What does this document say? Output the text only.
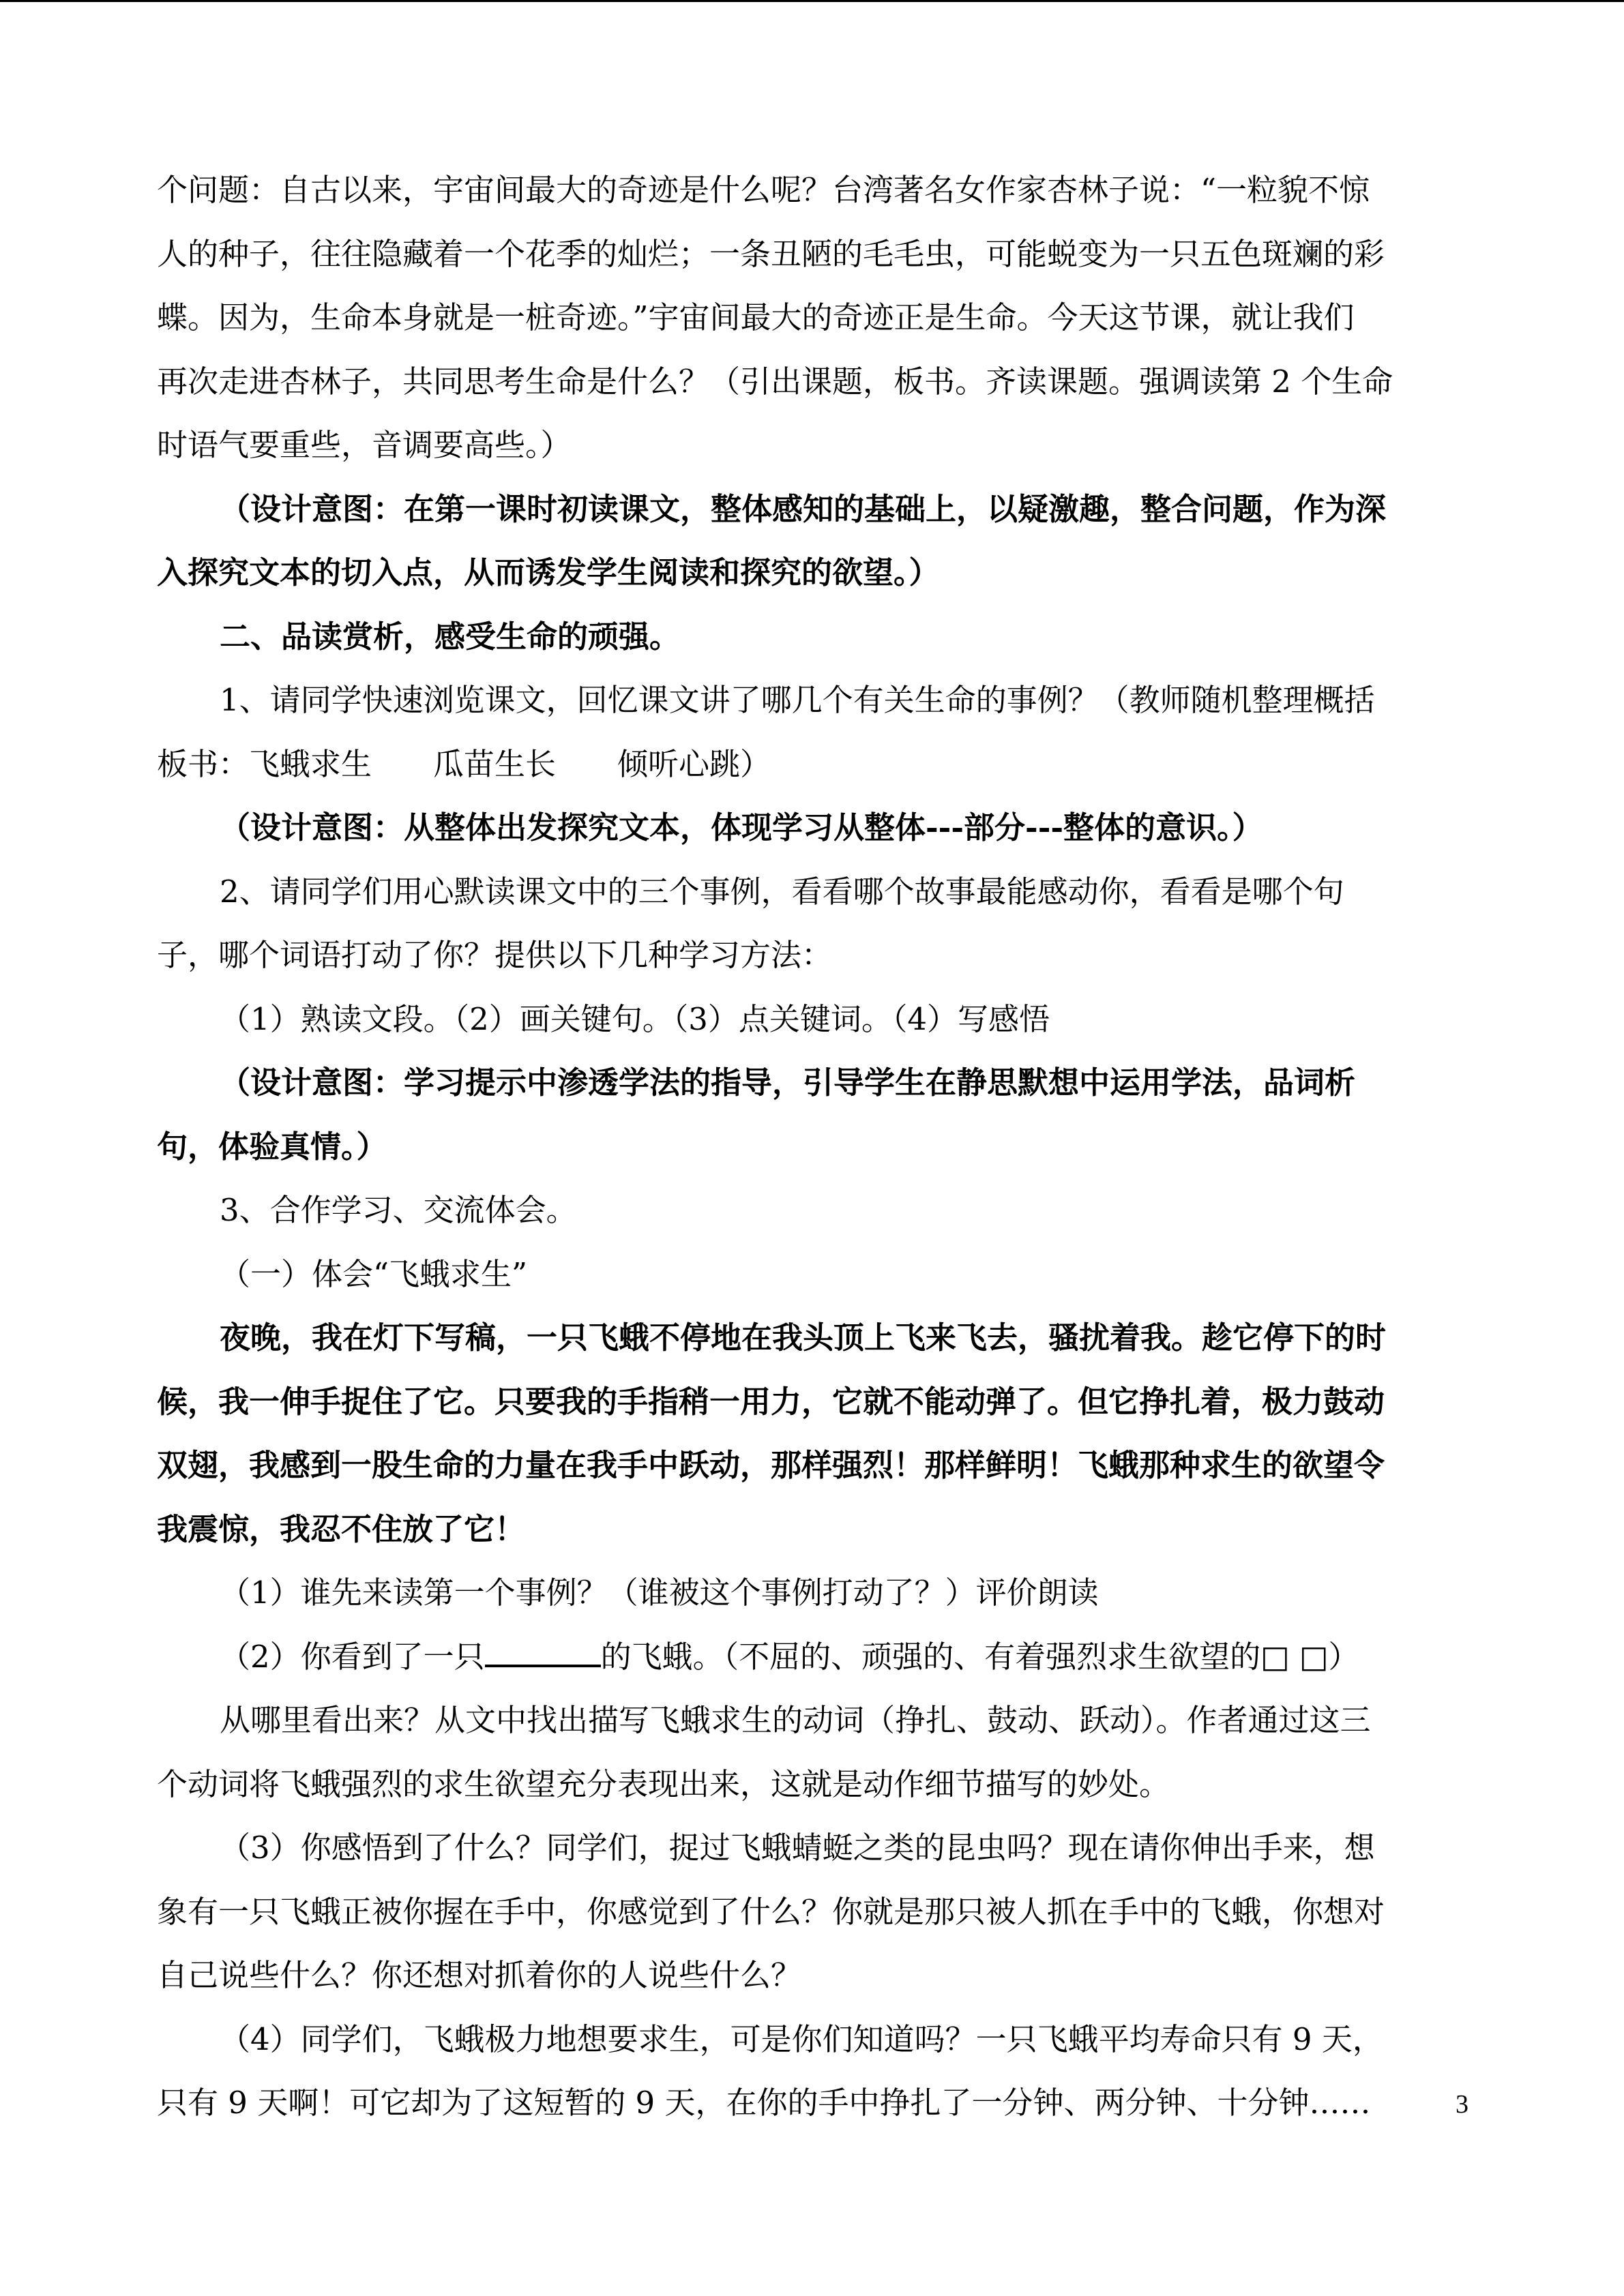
个问题：自古以来，宇宙间最大的奇迹是什么呢？台湾著名女作家杏林子说：“一粒貌不惊
人的种子，往往隐藏着一个花季的灿烂；一条丑陋的毛毛虫，可能蜕变为一只五色斑斓的彩
蝶。因为，生命本身就是一桩奇迹。”宇宙间最大的奇迹正是生命。今天这节课，就让我们
再次走进杏林子，共同思考生命是什么？（引出课题，板书。齐读课题。强调读第 2 个生命
时语气要重些，音调要高些。）
（设计意图：在第一课时初读课文，整体感知的基础上，以疑激趣，整合问题，作为深
入探究文本的切入点，从而诱发学生阅读和探究的欲望。）
二、品读赏析，感受生命的顽强。
1、请同学快速浏览课文，回忆课文讲了哪几个有关生命的事例？（教师随机整理概括
板书：飞蛾求生　　瓜苗生长　　倾听心跳）
（设计意图：从整体出发探究文本，体现学习从整体---部分---整体的意识。）
2、请同学们用心默读课文中的三个事例，看看哪个故事最能感动你，看看是哪个句
子，哪个词语打动了你？提供以下几种学习方法：
（1）熟读文段。（2）画关键句。（3）点关键词。（4）写感悟
（设计意图：学习提示中渗透学法的指导，引导学生在静思默想中运用学法，品词析
句，体验真情。）
3、合作学习、交流体会。
（一）体会“飞蛾求生”
夜晚，我在灯下写稿，一只飞蛾不停地在我头顶上飞来飞去，骚扰着我。趁它停下的时
候，我一伸手捉住了它。只要我的手指稍一用力，它就不能动弹了。但它挣扎着，极力鼓动
双翅，我感到一股生命的力量在我手中跃动，那样强烈！那样鲜明！飞蛾那种求生的欲望令
我震惊，我忍不住放了它！
（1）谁先来读第一个事例？（谁被这个事例打动了？）评价朗读
（2）你看到了一只	的飞蛾。（不屈的、顽强的、有着强烈求生欲望的□ □）
从哪里看出来？从文中找出描写飞蛾求生的动词（挣扎、鼓动、跃动）。作者通过这三
个动词将飞蛾强烈的求生欲望充分表现出来，这就是动作细节描写的妙处。
（3）你感悟到了什么？同学们，捉过飞蛾蜻蜓之类的昆虫吗？现在请你伸出手来，想
象有一只飞蛾正被你握在手中，你感觉到了什么？你就是那只被人抓在手中的飞蛾，你想对
自己说些什么？你还想对抓着你的人说些什么？
（4）同学们，飞蛾极力地想要求生，可是你们知道吗？一只飞蛾平均寿命只有 9 天，
只有 9 天啊！可它却为了这短暂的 9 天，在你的手中挣扎了一分钟、两分钟、十分钟……	3
